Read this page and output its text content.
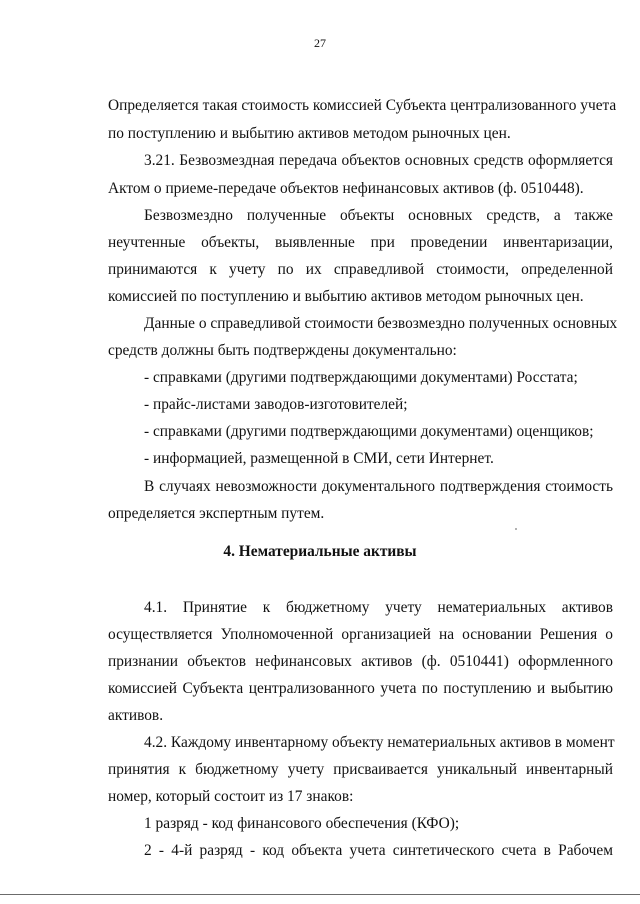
27
Определяется такая стоимость комиссией Субъекта централизованного учета
по поступлению и выбытию активов методом рыночных цен.
3.21. Безвозмездная передача объектов основных средств оформляется
Актом о приеме-передаче объектов нефинансовых активов (ф. 0510448).
Безвозмездно полученные объекты основных средств, а также
неучтенные объекты, выявленные при проведении инвентаризации,
принимаются к учету по их справедливой стоимости, определенной
комиссией по поступлению и выбытию активов методом рыночных цен.
Данные о справедливой стоимости безвозмездно полученных основных
средств должны быть подтверждены документально:
- справками (другими подтверждающими документами) Росстата;
- прайс-листами заводов-изготовителей;
- справками (другими подтверждающими документами) оценщиков;
- информацией, размещенной в СМИ, сети Интернет.
В случаях невозможности документального подтверждения стоимость
определяется экспертным путем.
4. Нематериальные активы
4.1. Принятие к бюджетному учету нематериальных активов
осуществляется Уполномоченной организацией на основании Решения о
признании объектов нефинансовых активов (ф. 0510441) оформленного
комиссией Субъекта централизованного учета по поступлению и выбытию
активов.
4.2. Каждому инвентарному объекту нематериальных активов в момент
принятия к бюджетному учету присваивается уникальный инвентарный
номер, который состоит из 17 знаков:
1 разряд - код финансового обеспечения (КФО);
2 - 4-й разряд - код объекта учета синтетического счета в Рабочем
